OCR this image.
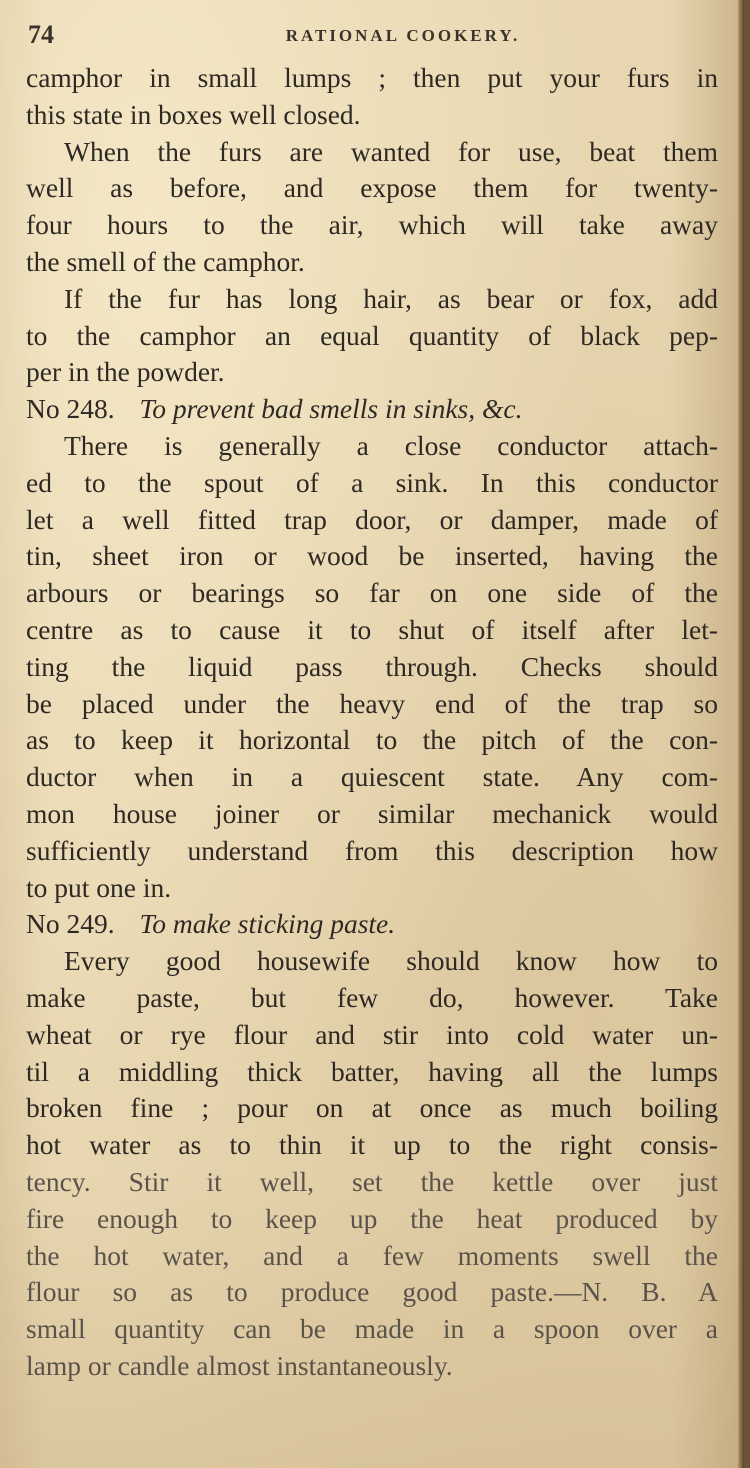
74	RATIONAL COOKERY.
camphor in small lumps ; then put your furs in
this state in boxes well closed.
When the furs are wanted for use, beat them
well as before, and expose them for twenty-
four hours to the air, which will take away
the smell of the camphor.
If the fur has long hair, as bear or fox, add
to the camphor an equal quantity of black pep-
per in the powder.
No 248. To prevent bad smells in sinks, &c.
There is generally a close conductor attach-
ed to the spout of a sink. In this conductor
let a well fitted trap door, or damper, made of
tin, sheet iron or wood be inserted, having the
arbours or bearings so far on one side of the
centre as to cause it to shut of itself after let-
ting the liquid pass through. Checks should
be placed under the heavy end of the trap so
as to keep it horizontal to the pitch of the con-
ductor when in a quiescent state. Any com-
mon house joiner or similar mechanick would
sufficiently understand from this description how
to put one in.
No 249. To make sticking paste.
Every good housewife should know how to
make paste, but few do, however. Take
wheat or rye flour and stir into cold water un-
til a middling thick batter, having all the lumps
broken fine ; pour on at once as much boiling
hot water as to thin it up to the right consis-
tency. Stir it well, set the kettle over just
fire enough to keep up the heat produced by
the hot water, and a few moments swell the
flour so as to produce good paste.—N. B. A
small quantity can be made in a spoon over a
lamp or candle almost instantaneously.
